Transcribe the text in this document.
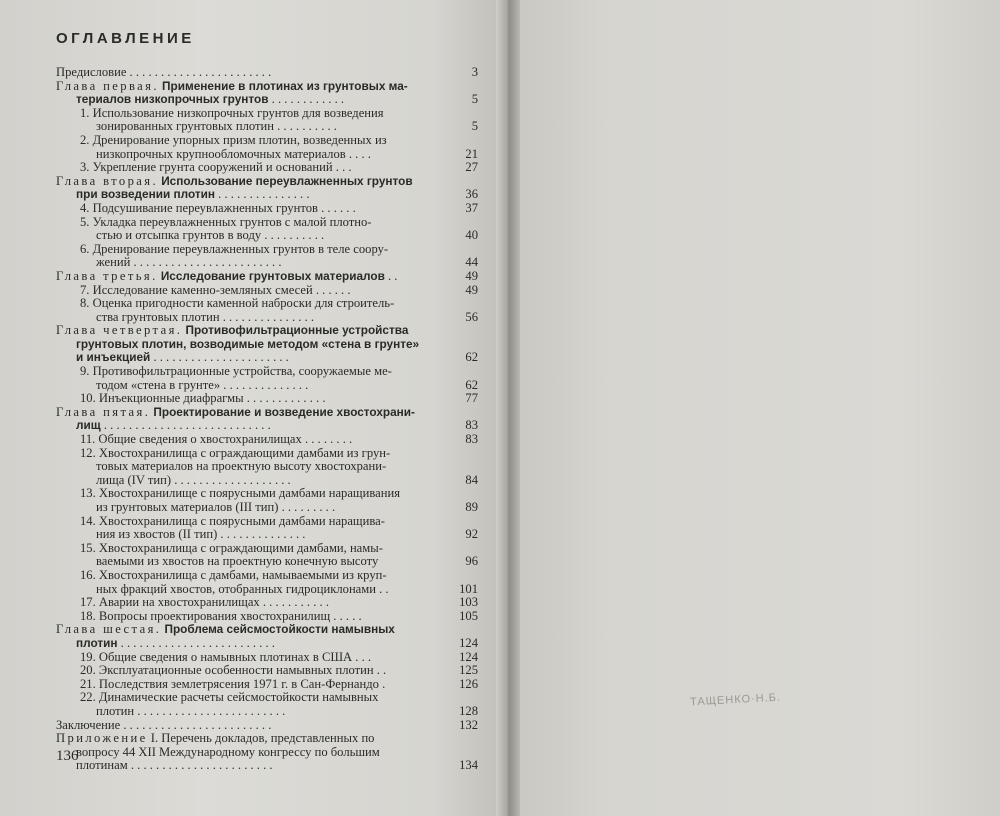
ОГЛАВЛЕНИЕ
Предисловие . . . . . . . . . . . . . . . . . . . . . . .	3
Глава первая. Применение в плотинах из грунтовых ма-
териалов низкопрочных грунтов . . . . . . . . . . . .	5
1. Использование низкопрочных грунтов для возведения
зонированных грунтовых плотин . . . . . . . . . .	5
2. Дренирование упорных призм плотин, возведенных из
низкопрочных крупнообломочных материалов . . . .	21
3. Укрепление грунта сооружений и оснований . . .	27
Глава вторая. Использование переувлажненных грунтов
при возведении плотин . . . . . . . . . . . . . . .	36
4. Подсушивание переувлажненных грунтов . . . . . .	37
5. Укладка переувлажненных грунтов с малой плотно-
стью и отсыпка грунтов в воду . . . . . . . . . .	40
6. Дренирование переувлажненных грунтов в теле соору-
жений . . . . . . . . . . . . . . . . . . . . . . . .	44
Глава третья. Исследование грунтовых материалов . .	49
7. Исследование каменно-земляных смесей . . . . . .	49
8. Оценка пригодности каменной наброски для строитель-
ства грунтовых плотин . . . . . . . . . . . . . . .	56
Глава четвертая. Противофильтрационные устройства
грунтовых плотин, возводимые методом «стена в грунте»
и инъекцией . . . . . . . . . . . . . . . . . . . . . .	62
9. Противофильтрационные устройства, сооружаемые ме-
тодом «стена в грунте» . . . . . . . . . . . . . .	62
10. Инъекционные диафрагмы . . . . . . . . . . . . .	77
Глава пятая. Проектирование и возведение хвостохрани-
лищ . . . . . . . . . . . . . . . . . . . . . . . . . . .	83
11. Общие сведения о хвостохранилищах . . . . . . . .	83
12. Хвостохранилища с ограждающими дамбами из грун-
товых материалов на проектную высоту хвостохрани-
лища (IV тип) . . . . . . . . . . . . . . . . . . .	84
13. Хвостохранилище с поярусными дамбами наращивания
из грунтовых материалов (III тип) . . . . . . . . .	89
14. Хвостохранилища с поярусными дамбами наращива-
ния из хвостов (II тип) . . . . . . . . . . . . . .	92
15. Хвостохранилища с ограждающими дамбами, намы-
ваемыми из хвостов на проектную конечную высоту	96
16. Хвостохранилища с дамбами, намываемыми из круп-
ных фракций хвостов, отобранных гидроциклонами . .	101
17. Аварии на хвостохранилищах . . . . . . . . . . .	103
18. Вопросы проектирования хвостохранилищ . . . . .	105
Глава шестая. Проблема сейсмостойкости намывных
плотин . . . . . . . . . . . . . . . . . . . . . . . . .	124
19. Общие сведения о намывных плотинах в США . . .	124
20. Эксплуатационные особенности намывных плотин . .	125
21. Последствия землетрясения 1971 г. в Сан-Фернандо .	126
22. Динамические расчеты сейсмостойкости намывных
плотин . . . . . . . . . . . . . . . . . . . . . . . .	128
Заключение . . . . . . . . . . . . . . . . . . . . . . . .	132
Приложение I. Перечень докладов, представленных по
вопросу 44 XII Международному конгрессу по большим
плотинам . . . . . . . . . . . . . . . . . . . . . . .	134
136
ТАЩЕНКО·Н.Б.
